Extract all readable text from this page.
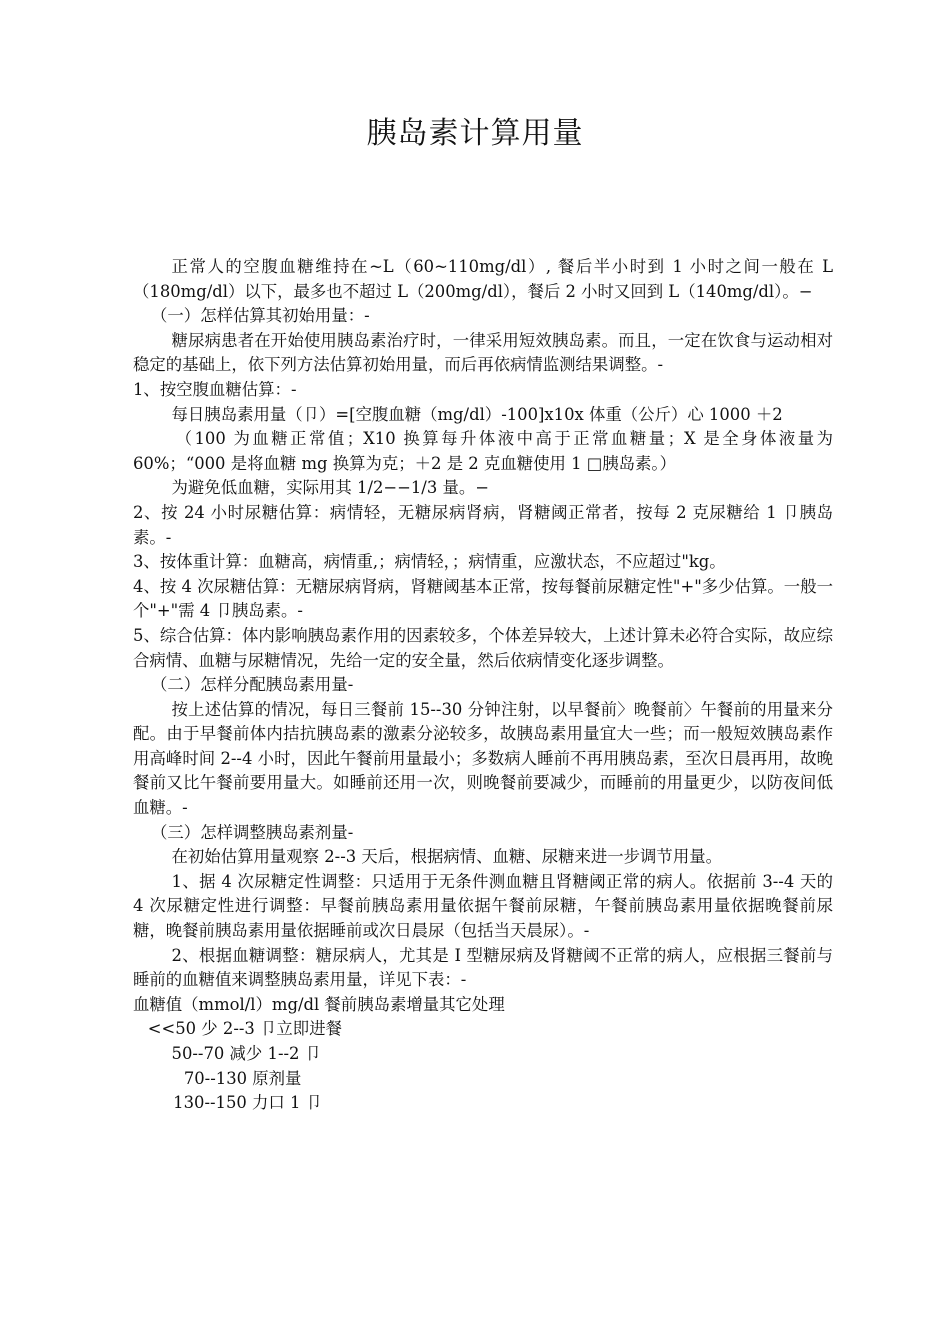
胰岛素计算用量

正常人的空腹血糖维持在~L（60~110mg/dl）, 餐后半小时到 1 小时之间一般在 L（180mg/dl）以下，最多也不超过 L（200mg/dl），餐后 2 小时又回到 L（140mg/dl）。−

（一）怎样估算其初始用量：-

糖尿病患者在开始使用胰岛素治疗时，一律采用短效胰岛素。而且，一定在饮食与运动相对稳定的基础上，依下列方法估算初始用量，而后再依病情监测结果调整。-

1、按空腹血糖估算：-

每日胰岛素用量（卩）=[空腹血糖（mg/dl）-100]x10x 体重（公斤）心 1000 ＋2

（100 为血糖正常值；X10 换算每升体液中高于正常血糖量；X 是全身体液量为 60%；“000 是将血糖 mg 换算为克；＋2 是 2 克血糖使用 1 □胰岛素。）

为避免低血糖，实际用其 1/2−−1/3 量。−

2、按 24 小时尿糖估算：病情轻，无糖尿病肾病，肾糖阈正常者，按每 2 克尿糖给 1 卩胰岛素。-

3、按体重计算：血糖高，病情重,；病情轻，；病情重，应激状态，不应超过"kg。

4、按 4 次尿糖估算：无糖尿病肾病，肾糖阈基本正常，按每餐前尿糖定性"+"多少估算。一般一个"+"需 4 卩胰岛素。-

5、综合估算：体内影响胰岛素作用的因素较多，个体差异较大，上述计算未必符合实际，故应综合病情、血糖与尿糖情况，先给一定的安全量，然后依病情变化逐步调整。

（二）怎样分配胰岛素用量-

按上述估算的情况，每日三餐前 15--30 分钟注射，以早餐前〉晚餐前〉午餐前的用量来分配。由于早餐前体内拮抗胰岛素的激素分泌较多，故胰岛素用量宜大一些；而一般短效胰岛素作用高峰时间 2--4 小时，因此午餐前用量最小；多数病人睡前不再用胰岛素，至次日晨再用，故晚餐前又比午餐前要用量大。如睡前还用一次，则晚餐前要减少，而睡前的用量更少，以防夜间低血糖。-

（三）怎样调整胰岛素剂量-

在初始估算用量观察 2--3 天后，根据病情、血糖、尿糖来进一步调节用量。

1、据 4 次尿糖定性调整：只适用于无条件测血糖且肾糖阈正常的病人。依据前 3--4 天的 4 次尿糖定性进行调整：早餐前胰岛素用量依据午餐前尿糖，午餐前胰岛素用量依据晚餐前尿糖，晚餐前胰岛素用量依据睡前或次日晨尿（包括当天晨尿）。-

2、根据血糖调整：糖尿病人，尤其是 I 型糖尿病及肾糖阈不正常的病人，应根据三餐前与睡前的血糖值来调整胰岛素用量，详见下表：-

血糖值（mmol/l）mg/dl 餐前胰岛素增量其它处理

<<50 少 2--3 卩立即进餐

50--70 减少 1--2 卩

70--130 原剂量

130--150 力口 1 卩
